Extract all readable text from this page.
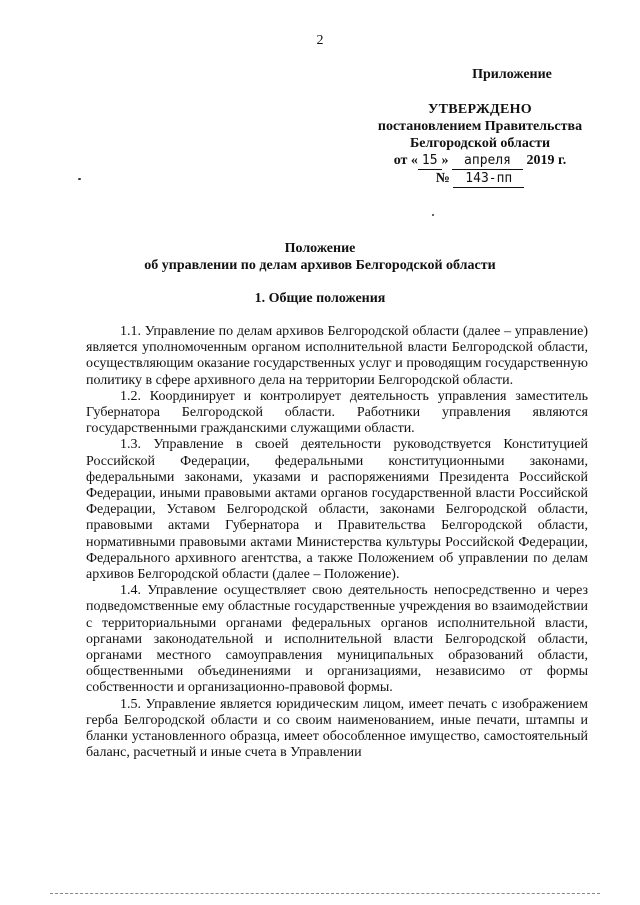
2
Приложение
УТВЕРЖДЕНО
постановлением Правительства
Белгородской области
от « 15 » апреля 2019 г.
№ 143-пп
Положение
об управлении по делам архивов Белгородской области
1. Общие положения

1.1. Управление по делам архивов Белгородской области (далее – управление) является уполномоченным органом исполнительной власти Белгородской области, осуществляющим оказание государственных услуг и проводящим государственную политику в сфере архивного дела на территории Белгородской области.

1.2. Координирует и контролирует деятельность управления заместитель Губернатора Белгородской области. Работники управления являются государственными гражданскими служащими области.

1.3. Управление в своей деятельности руководствуется Конституцией Российской Федерации, федеральными конституционными законами, федеральными законами, указами и распоряжениями Президента Российской Федерации, иными правовыми актами органов государственной власти Российской Федерации, Уставом Белгородской области, законами Белгородской области, правовыми актами Губернатора и Правительства Белгородской области, нормативными правовыми актами Министерства культуры Российской Федерации, Федерального архивного агентства, а также Положением об управлении по делам архивов Белгородской области (далее – Положение).

1.4. Управление осуществляет свою деятельность непосредственно и через подведомственные ему областные государственные учреждения во взаимодействии с территориальными органами федеральных органов исполнительной власти, органами законодательной и исполнительной власти Белгородской области, органами местного самоуправления муниципальных образований области, общественными объединениями и организациями, независимо от формы собственности и организационно-правовой формы.

1.5. Управление является юридическим лицом, имеет печать с изображением герба Белгородской области и со своим наименованием, иные печати, штампы и бланки установленного образца, имеет обособленное имущество, самостоятельный баланс, расчетный и иные счета в Управлении
